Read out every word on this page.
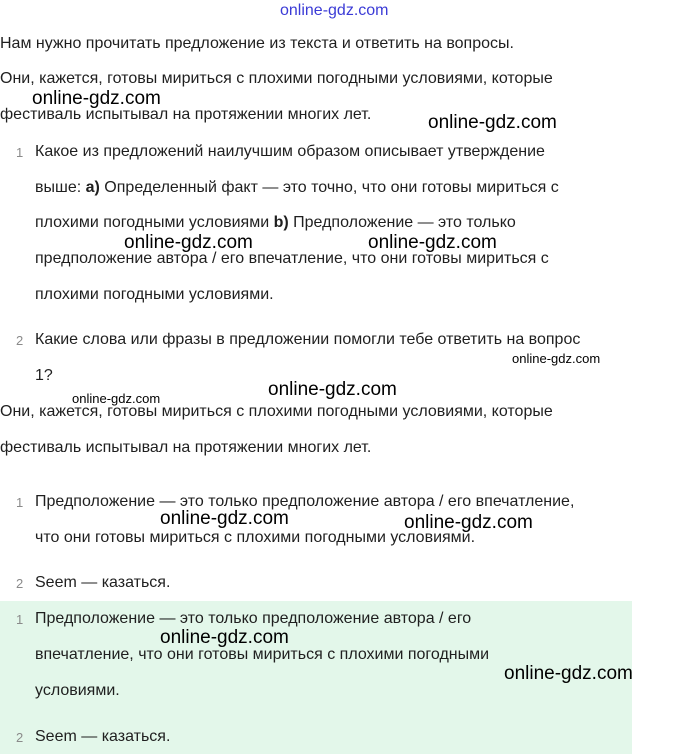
online-gdz.com
Нам нужно прочитать предложение из текста и ответить на вопросы.
Они, кажется, готовы мириться с плохими погодными условиями, которые
фестиваль испытывал на протяжении многих лет.
1 Какое из предложений наилучшим образом описывает утверждение
выше: a) Определенный факт — это точно, что они готовы мириться с
плохими погодными условиями b) Предположение — это только
предположение автора / его впечатление, что они готовы мириться с
плохими погодными условиями.
2 Какие слова или фразы в предложении помогли тебе ответить на вопрос
1?
Они, кажется, готовы мириться с плохими погодными условиями, которые
фестиваль испытывал на протяжении многих лет.
1 Предположение — это только предположение автора / его впечатление,
что они готовы мириться с плохими погодными условиями.
2 Seem — казаться.
1 Предположение — это только предположение автора / его
впечатление, что они готовы мириться с плохими погодными
условиями.
2 Seem — казаться.
online-gdz.com
online-gdz.com
online-gdz.com	online-gdz.com
online-gdz.com
online-gdz.com
online-gdz.com
online-gdz.com	online-gdz.com
online-gdz.com
online-gdz.com
